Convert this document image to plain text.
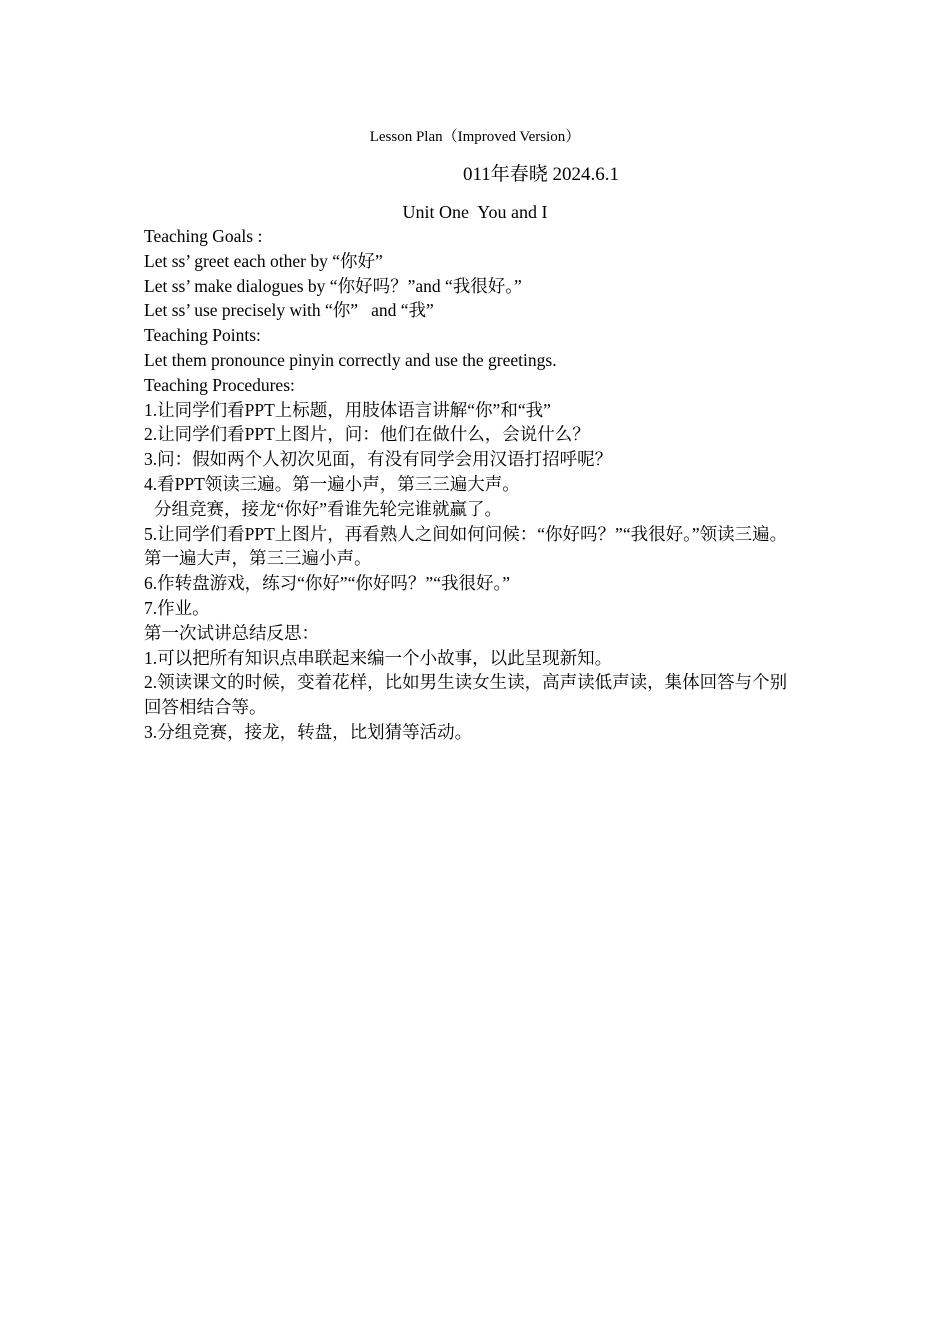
Lesson Plan（Improved Version）
011年春晓 2024.6.1
Unit One  You and I

Teaching Goals :

Let ss’ greet each other by “你好”

Let ss’ make dialogues by “你好吗？”and “我很好。”

Let ss’ use precisely with “你”   and “我”

Teaching Points:

Let them pronounce pinyin correctly and use the greetings.

Teaching Procedures:

1.让同学们看PPT上标题，用肢体语言讲解“你”和“我”

2.让同学们看PPT上图片，问：他们在做什么，会说什么？

3.问：假如两个人初次见面，有没有同学会用汉语打招呼呢？

4.看PPT领读三遍。第一遍小声，第三三遍大声。

分组竞赛，接龙“你好”看谁先轮完谁就赢了。

5.让同学们看PPT上图片，再看熟人之间如何问候：“你好吗？”“我很好。”领读三遍。第一遍大声，第三三遍小声。

6.作转盘游戏，练习“你好”“你好吗？”“我很好。”

7.作业。

第一次试讲总结反思：

1.可以把所有知识点串联起来编一个小故事，以此呈现新知。

2.领读课文的时候，变着花样，比如男生读女生读，高声读低声读，集体回答与个别回答相结合等。

3.分组竞赛，接龙，转盘，比划猜等活动。
